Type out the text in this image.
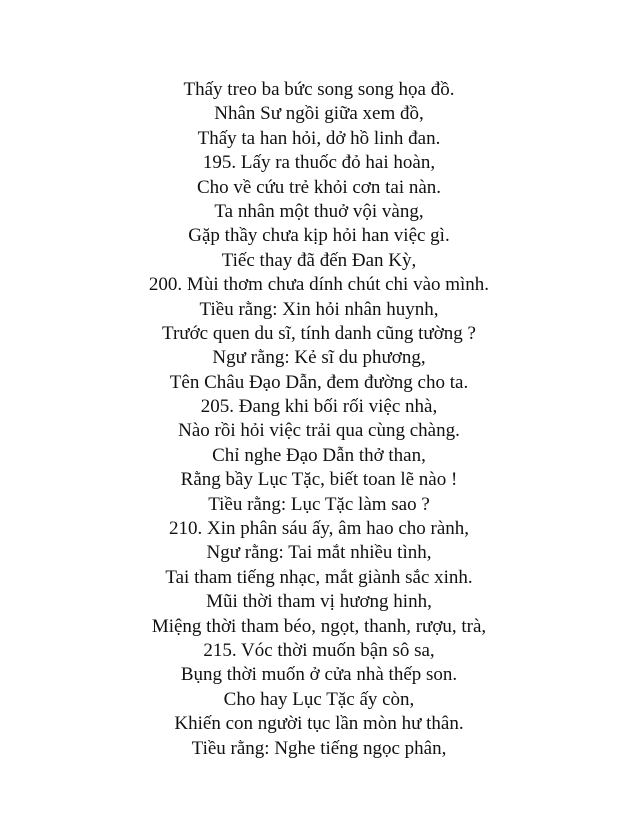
Thấy treo ba bức song song họa đồ.
Nhân Sư ngồi giữa xem đồ,
Thấy ta han hỏi, dở hồ linh đan.
195. Lấy ra thuốc đỏ hai hoàn,
Cho về cứu trẻ khỏi cơn tai nàn.
Ta nhân một thuở vội vàng,
Gặp thầy chưa kịp hỏi han việc gì.
Tiếc thay đã đến Đan Kỳ,
200. Mùi thơm chưa dính chút chi vào mình.
Tiều rằng: Xin hỏi nhân huynh,
Trước quen du sĩ, tính danh cũng tường ?
Ngư rằng: Kẻ sĩ du phương,
Tên Châu Đạo Dẫn, đem đường cho ta.
205. Đang khi bối rối việc nhà,
Nào rồi hỏi việc trải qua cùng chàng.
Chỉ nghe Đạo Dẫn thở than,
Rằng bầy Lục Tặc, biết toan lẽ nào !
Tiều rằng: Lục Tặc làm sao ?
210. Xin phân sáu ấy, âm hao cho rành,
Ngư rằng: Tai mắt nhiều tình,
Tai tham tiếng nhạc, mắt giành sắc xinh.
Mũi thời tham vị hương hinh,
Miệng thời tham béo, ngọt, thanh, rượu, trà,
215. Vóc thời muốn bận sô sa,
Bụng thời muốn ở cửa nhà thếp son.
Cho hay Lục Tặc ấy còn,
Khiến con người tục lần mòn hư thân.
Tiều rằng: Nghe tiếng ngọc phân,
